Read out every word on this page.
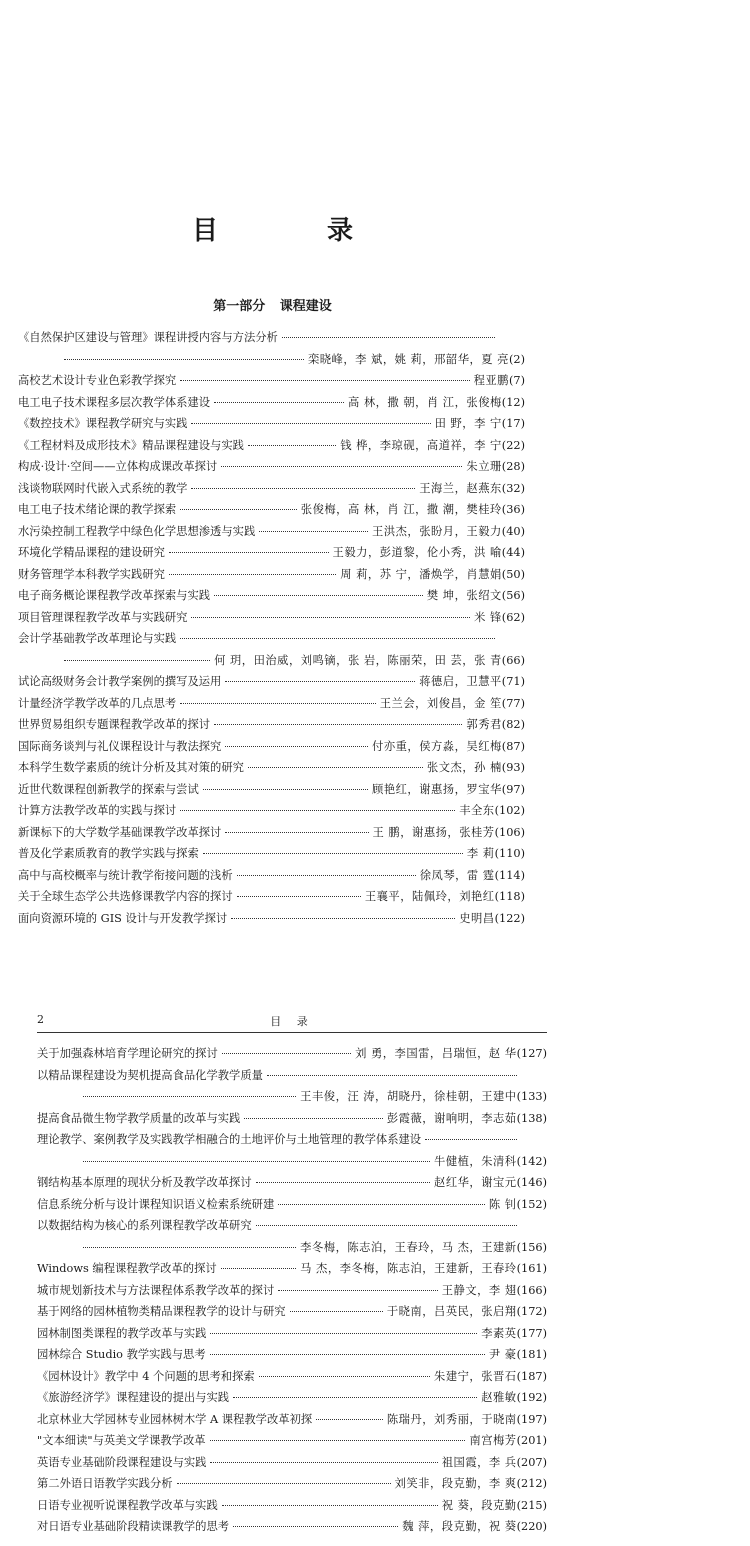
目 录
第一部分 课程建设
《自然保护区建设与管理》课程讲授内容与方法分析
栾晓峰，李 斌，姚 莉，邢韶华，夏 亮 (2)
高校艺术设计专业色彩教学探究	程亚鹏 (7)
电工电子技术课程多层次教学体系建设	高 林，撒 朝，肖 江，张俊梅 (12)
《数控技术》课程教学研究与实践	田 野，李 宁 (17)
《工程材料及成形技术》精品课程建设与实践	钱 桦，李琼砚，高道祥，李 宁 (22)
构成·设计·空间——立体构成课改革探讨	朱立珊 (28)
浅谈物联网时代嵌入式系统的教学	王海兰，赵燕东 (32)
电工电子技术绪论课的教学探索	张俊梅，高 林，肖 江，撒 潮，樊桂玲 (36)
水污染控制工程教学中绿色化学思想渗透与实践	王洪杰，张盼月，王毅力 (40)
环境化学精品课程的建设研究	王毅力，彭道黎，伦小秀，洪 喻 (44)
财务管理学本科教学实践研究	周 莉，苏 宁，潘焕学，肖慧娟 (50)
电子商务概论课程教学改革探索与实践	樊 坤，张绍文 (56)
项目管理课程教学改革与实践研究	米 锋 (62)
会计学基础教学改革理论与实践
何 玥，田治威，刘鸣镝，张 岩，陈丽荣，田 芸，张 青 (66)
试论高级财务会计教学案例的撰写及运用	蒋德启，卫慧平 (71)
计量经济学教学改革的几点思考	王兰会，刘俊昌，金 笙 (77)
世界贸易组织专题课程教学改革的探讨	郭秀君 (82)
国际商务谈判与礼仪课程设计与教法探究	付亦重，侯方淼，吴红梅 (87)
本科学生数学素质的统计分析及其对策的研究	张文杰，孙 楠 (93)
近世代数课程创新教学的探索与尝试	顾艳红，谢惠扬，罗宝华 (97)
计算方法教学改革的实践与探讨	丰全东 (102)
新课标下的大学数学基础课教学改革探讨	王 鹏，谢惠扬，张桂芳 (106)
普及化学素质教育的教学实践与探索	李 莉 (110)
高中与高校概率与统计教学衔接问题的浅析	徐凤琴，雷 霆 (114)
关于全球生态学公共选修课教学内容的探讨	王襄平，陆佩玲，刘艳红 (118)
面向资源环境的 GIS 设计与开发教学探讨	史明昌 (122)
2	目 录
关于加强森林培育学理论研究的探讨	刘 勇，李国雷，吕瑞恒，赵 华 (127)
以精品课程建设为契机提高食品化学教学质量
王丰俊，汪 涛，胡晓丹，徐桂朝，王建中 (133)
提高食品微生物学教学质量的改革与实践	彭霞薇，谢响明，李志茹 (138)
理论教学、案例教学及实践教学相融合的土地评价与土地管理的教学体系建设
牛健植，朱清科 (142)
钢结构基本原理的现状分析及教学改革探讨	赵红华，谢宝元 (146)
信息系统分析与设计课程知识语义检索系统研建	陈 钊 (152)
以数据结构为核心的系列课程教学改革研究
李冬梅，陈志泊，王春玲，马 杰，王建新 (156)
Windows 编程课程教学改革的探讨	马 杰，李冬梅，陈志泊，王建新，王春玲 (161)
城市规划新技术与方法课程体系教学改革的探讨	王静文，李 翅 (166)
基于网络的园林植物类精品课程教学的设计与研究	于晓南，吕英民，张启翔 (172)
园林制图类课程的教学改革与实践	李素英 (177)
园林综合 Studio 教学实践与思考	尹 豪 (181)
《园林设计》教学中 4 个问题的思考和探索	朱建宁，张晋石 (187)
《旅游经济学》课程建设的提出与实践	赵雅敏 (192)
北京林业大学园林专业园林树木学 A 课程教学改革初探	陈瑞丹，刘秀丽，于晓南 (197)
"文本细读"与英美文学课教学改革	南宫梅芳 (201)
英语专业基础阶段课程建设与实践	祖国霞，李 兵 (207)
第二外语日语教学实践分析	刘笑非，段克勤，李 爽 (212)
日语专业视听说课程教学改革与实践	祝 葵，段克勤 (215)
对日语专业基础阶段精读课教学的思考	魏 萍，段克勤，祝 葵 (220)
